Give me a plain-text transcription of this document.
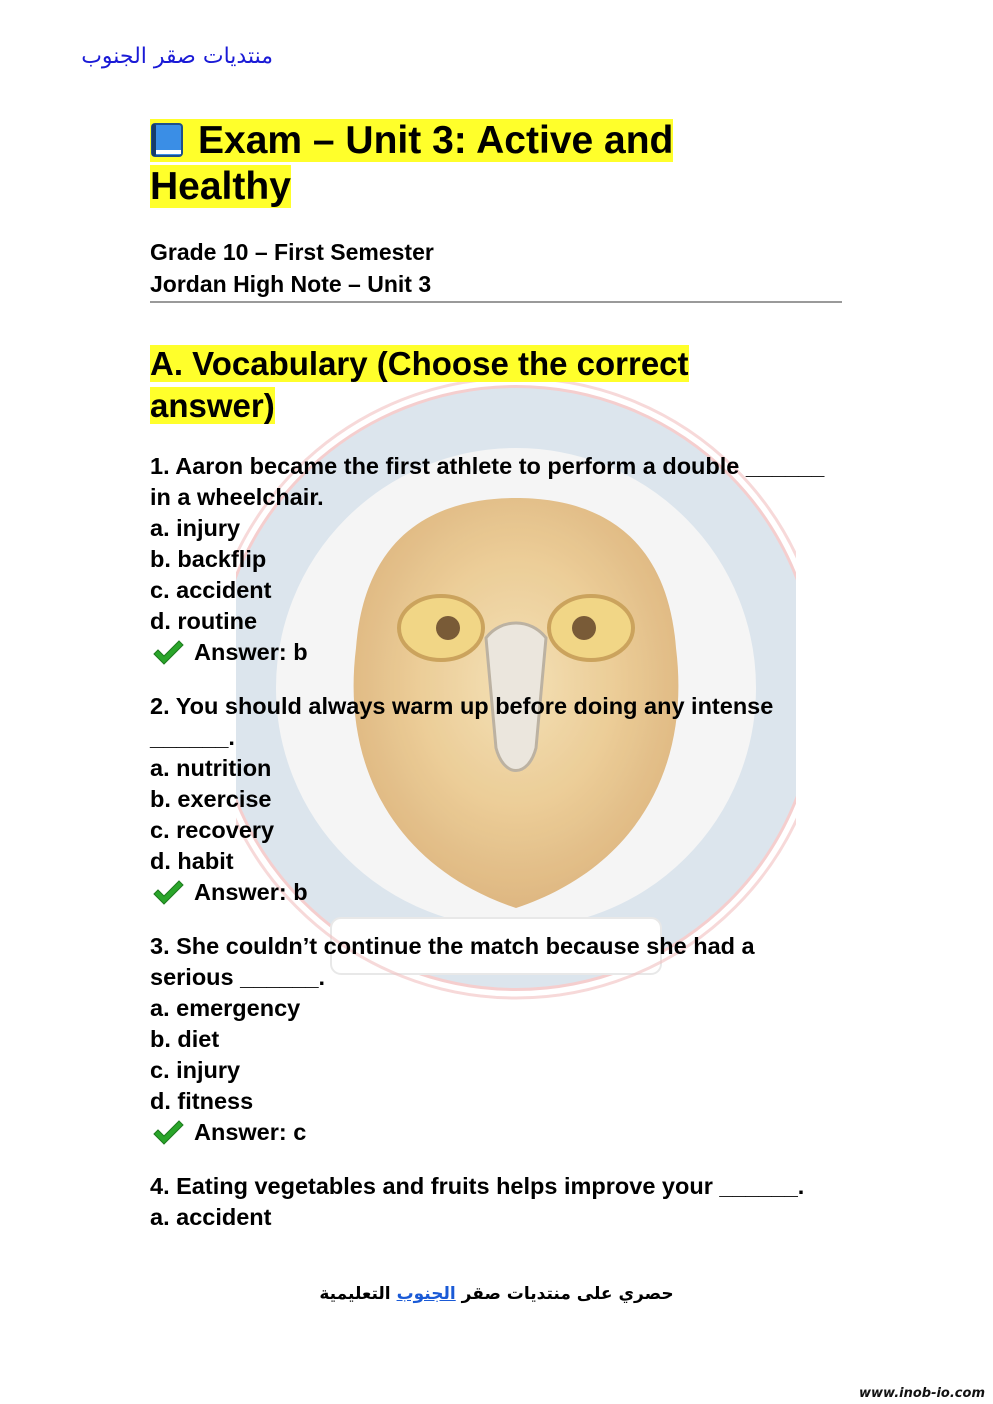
منتديات صقر الجنوب
Exam – Unit 3: Active and Healthy
Grade 10 – First Semester
Jordan High Note – Unit 3
A. Vocabulary (Choose the correct answer)

1. Aaron became the first athlete to perform a double ______ in a wheelchair.

a. injury

b. backflip

c. accident

d. routine

Answer: b

2. You should always warm up before doing any intense ______.

a. nutrition

b. exercise

c. recovery

d. habit

Answer: b

3. She couldn’t continue the match because she had a serious ______.

a. emergency

b. diet

c. injury

d. fitness

Answer: c

4. Eating vegetables and fruits helps improve your ______.

a. accident

حصري على منتديات صقر الجنوب التعليمية
www.inob-io.com
